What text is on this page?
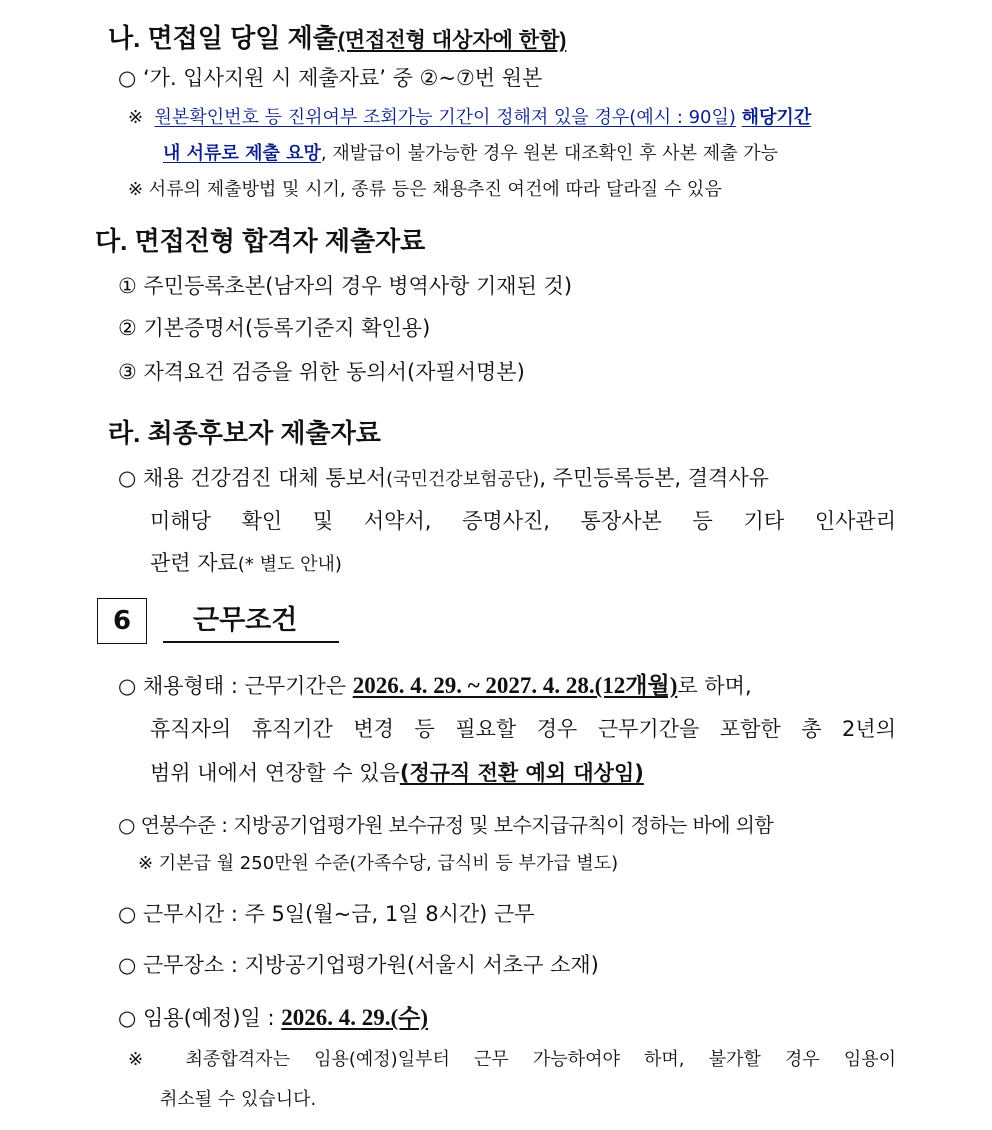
나. 면접일 당일 제출(면접전형 대상자에 한함)
○ ‘가. 입사지원 시 제출자료’ 중 ②~⑦번 원본
※ 원본확인번호 등 진위여부 조회가능 기간이 정해져 있을 경우(예시 : 90일) 해당기간
내 서류로 제출 요망, 재발급이 불가능한 경우 원본 대조확인 후 사본 제출 가능
※ 서류의 제출방법 및 시기, 종류 등은 채용추진 여건에 따라 달라질 수 있음
다. 면접전형 합격자 제출자료
① 주민등록초본(남자의 경우 병역사항 기재된 것)
② 기본증명서(등록기준지 확인용)
③ 자격요건 검증을 위한 동의서(자필서명본)
라. 최종후보자 제출자료
○ 채용 건강검진 대체 통보서(국민건강보험공단), 주민등록등본, 결격사유
미해당 확인 및 서약서, 증명사진, 통장사본 등 기타 인사관리
관련 자료(* 별도 안내)
6	근무조건
○ 채용형태 : 근무기간은 2026. 4. 29. ~ 2027. 4. 28.(12개월)로 하며,
휴직자의 휴직기간 변경 등 필요할 경우 근무기간을 포함한 총 2년의
범위 내에서 연장할 수 있음(정규직 전환 예외 대상임)
○ 연봉수준 : 지방공기업평가원 보수규정 및 보수지급규칙이 정하는 바에 의함
※ 기본급 월 250만원 수준(가족수당, 급식비 등 부가급 별도)
○ 근무시간 : 주 5일(월~금, 1일 8시간) 근무
○ 근무장소 : 지방공기업평가원(서울시 서초구 소재)
○ 임용(예정)일 : 2026. 4. 29.(수)
※ 최종합격자는 임용(예정)일부터 근무 가능하여야 하며, 불가할 경우 임용이
취소될 수 있습니다.
